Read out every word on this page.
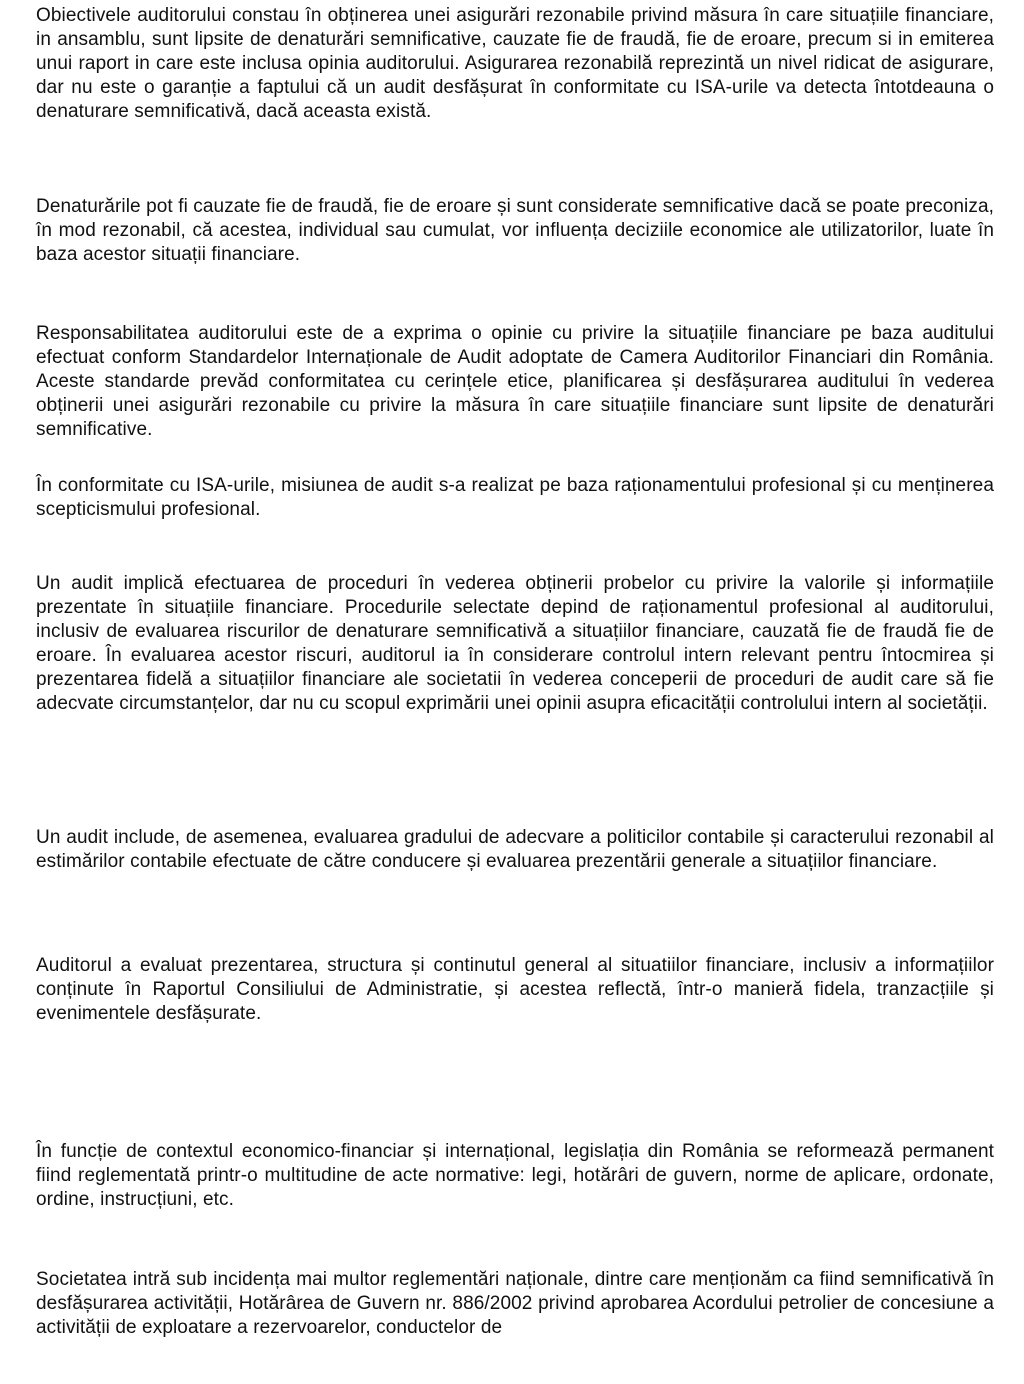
Obiectivele auditorului constau în obținerea unei asigurări rezonabile privind măsura în care situațiile financiare, in ansamblu, sunt lipsite de denaturări semnificative, cauzate fie de fraudă, fie de eroare, precum si in emiterea unui raport in care este inclusa opinia auditorului. Asigurarea rezonabilă reprezintă un nivel ridicat de asigurare, dar nu este o garanție a faptului că un audit desfășurat în conformitate cu ISA-urile va detecta întotdeauna o denaturare semnificativă, dacă aceasta există.

Denaturările pot fi cauzate fie de fraudă, fie de eroare și sunt considerate semnificative dacă se poate preconiza, în mod rezonabil, că acestea, individual sau cumulat, vor influența deciziile economice ale utilizatorilor, luate în baza acestor situații financiare.

Responsabilitatea auditorului este de a exprima o opinie cu privire la situațiile financiare pe baza auditului efectuat conform Standardelor Internaționale de Audit adoptate de Camera Auditorilor Financiari din România. Aceste standarde prevăd conformitatea cu cerințele etice, planificarea și desfășurarea auditului în vederea obținerii unei asigurări rezonabile cu privire la măsura în care situațiile financiare sunt lipsite de denaturări semnificative.

În conformitate cu ISA-urile, misiunea de audit s-a realizat pe baza raționamentului profesional și cu menținerea scepticismului profesional.

Un audit implică efectuarea de proceduri în vederea obținerii probelor cu privire la valorile și informațiile prezentate în situațiile financiare. Procedurile selectate depind de raționamentul profesional al auditorului, inclusiv de evaluarea riscurilor de denaturare semnificativă a situațiilor financiare, cauzată fie de fraudă fie de eroare. În evaluarea acestor riscuri, auditorul ia în considerare controlul intern relevant pentru întocmirea și prezentarea fidelă a situațiilor financiare ale societatii în vederea conceperii de proceduri de audit care să fie adecvate circumstanțelor, dar nu cu scopul exprimării unei opinii asupra eficacității controlului intern al societății.

Un audit include, de asemenea, evaluarea gradului de adecvare a politicilor contabile și caracterului rezonabil al estimărilor contabile efectuate de către conducere și evaluarea prezentării generale a situațiilor financiare.

Auditorul a evaluat prezentarea, structura și continutul general al situatiilor financiare, inclusiv a informațiilor conținute în Raportul Consiliului de Administratie, și acestea reflectă, într-o manieră fidela, tranzacțiile și evenimentele desfășurate.

În funcție de contextul economico-financiar și internațional, legislația din România se reformează permanent fiind reglementată printr-o multitudine de acte normative: legi, hotărâri de guvern, norme de aplicare, ordonate, ordine, instrucțiuni, etc.

Societatea intră sub incidența mai multor reglementări naționale, dintre care menționăm ca fiind semnificativă în desfășurarea activității, Hotărârea de Guvern nr. 886/2002 privind aprobarea Acordului petrolier de concesiune a activității de exploatare a rezervoarelor, conductelor de
